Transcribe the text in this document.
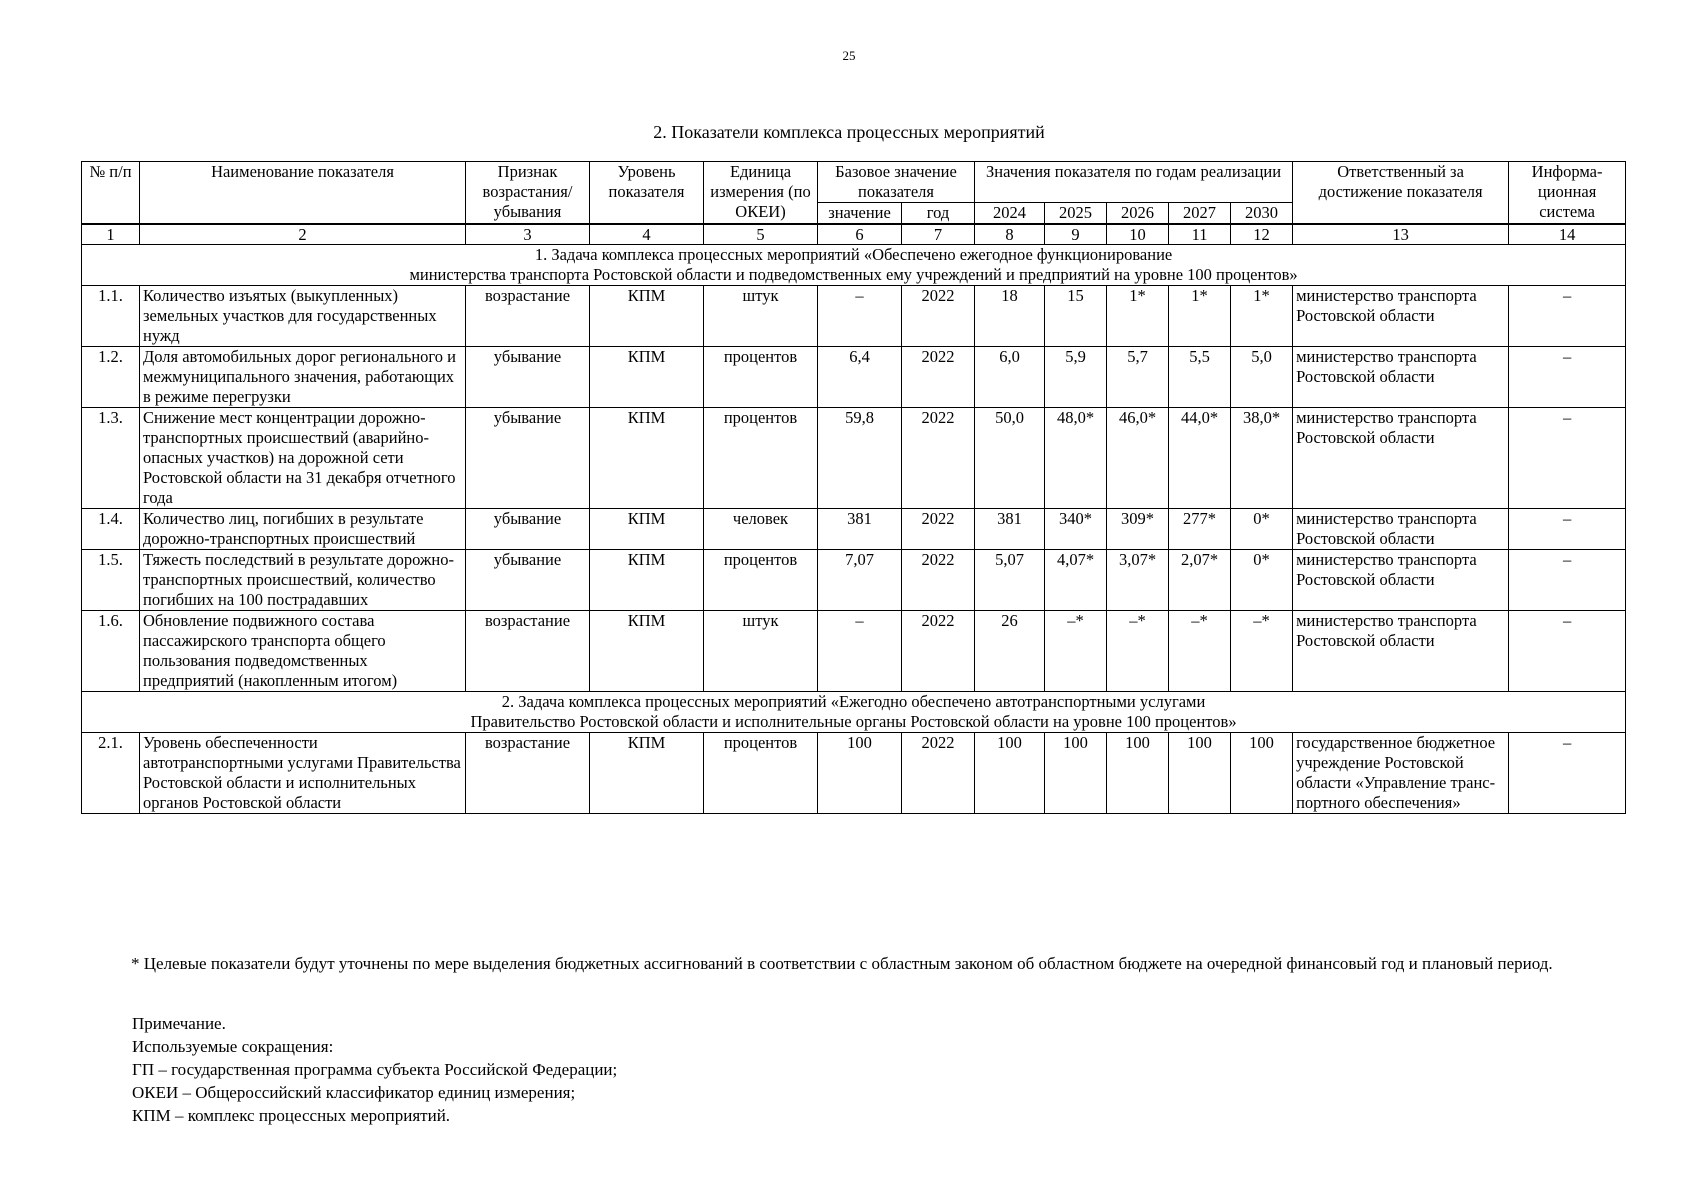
25
2. Показатели комплекса процессных мероприятий
№ п/п	Наименование показателя	Признак возрастания/ убывания	Уровень показателя	Единица измерения (по ОКЕИ)	Базовое значение показателя		Значения показателя по годам реализации					Ответственный за достижение показателя	Информа-ционная система
					значение	год	2024	2025	2026	2027	2030		
1	2	3	4	5	6	7	8	9	10	11	12	13	14

1. Задача комплекса процессных мероприятий «Обеспечено ежегодное функционирование
министерства транспорта Ростовской области и подведомственных ему учреждений и предприятий на уровне 100 процентов»													

1.1.	Количество изъятых (выкупленных) земельных участков для государственных нужд	возрастание	КПМ	штук	–	2022	18	15	1*	1*	1*	министерство транспорта Ростовской области	–
1.2.	Доля автомобильных дорог регионального и межмуниципального значения, работающих в режиме перегрузки	убывание	КПМ	процентов	6,4	2022	6,0	5,9	5,7	5,5	5,0	министерство транспорта Ростовской области	–
1.3.	Снижение мест концентрации дорожно-транспортных происшествий (аварийно-опасных участков) на дорожной сети Ростовской области на 31 декабря отчетного года	убывание	КПМ	процентов	59,8	2022	50,0	48,0*	46,0*	44,0*	38,0*	министерство транспорта Ростовской области	–
1.4.	Количество лиц, погибших в результате дорожно-транспортных происшествий	убывание	КПМ	человек	381	2022	381	340*	309*	277*	0*	министерство транспорта Ростовской области	–
1.5.	Тяжесть последствий в результате дорожно-транспортных происшествий, количество погибших на 100 пострадавших	убывание	КПМ	процентов	7,07	2022	5,07	4,07*	3,07*	2,07*	0*	министерство транспорта Ростовской области	–
1.6.	Обновление подвижного состава пассажирского транспорта общего пользования подведомственных предприятий (накопленным итогом)	возрастание	КПМ	штук	–	2022	26	–*	–*	–*	–*	министерство транспорта Ростовской области	–

2. Задача комплекса процессных мероприятий «Ежегодно обеспечено автотранспортными услугами
Правительство Ростовской области и исполнительные органы Ростовской области на уровне 100 процентов»													

2.1.	Уровень обеспеченности автотранспортными услугами Правительства Ростовской области и исполнительных органов Ростовской области	возрастание	КПМ	процентов	100	2022	100	100	100	100	100	государственное бюджетное учреждение Ростовской области «Управление транс-портного обеспечения»	–
* Целевые показатели будут уточнены по мере выделения бюджетных ассигнований в соответствии с областным законом об областном бюджете на очередной финансовый год и плановый период.
Примечание.
Используемые сокращения:
ГП – государственная программа субъекта Российской Федерации;
ОКЕИ – Общероссийский классификатор единиц измерения;
КПМ – комплекс процессных мероприятий.
